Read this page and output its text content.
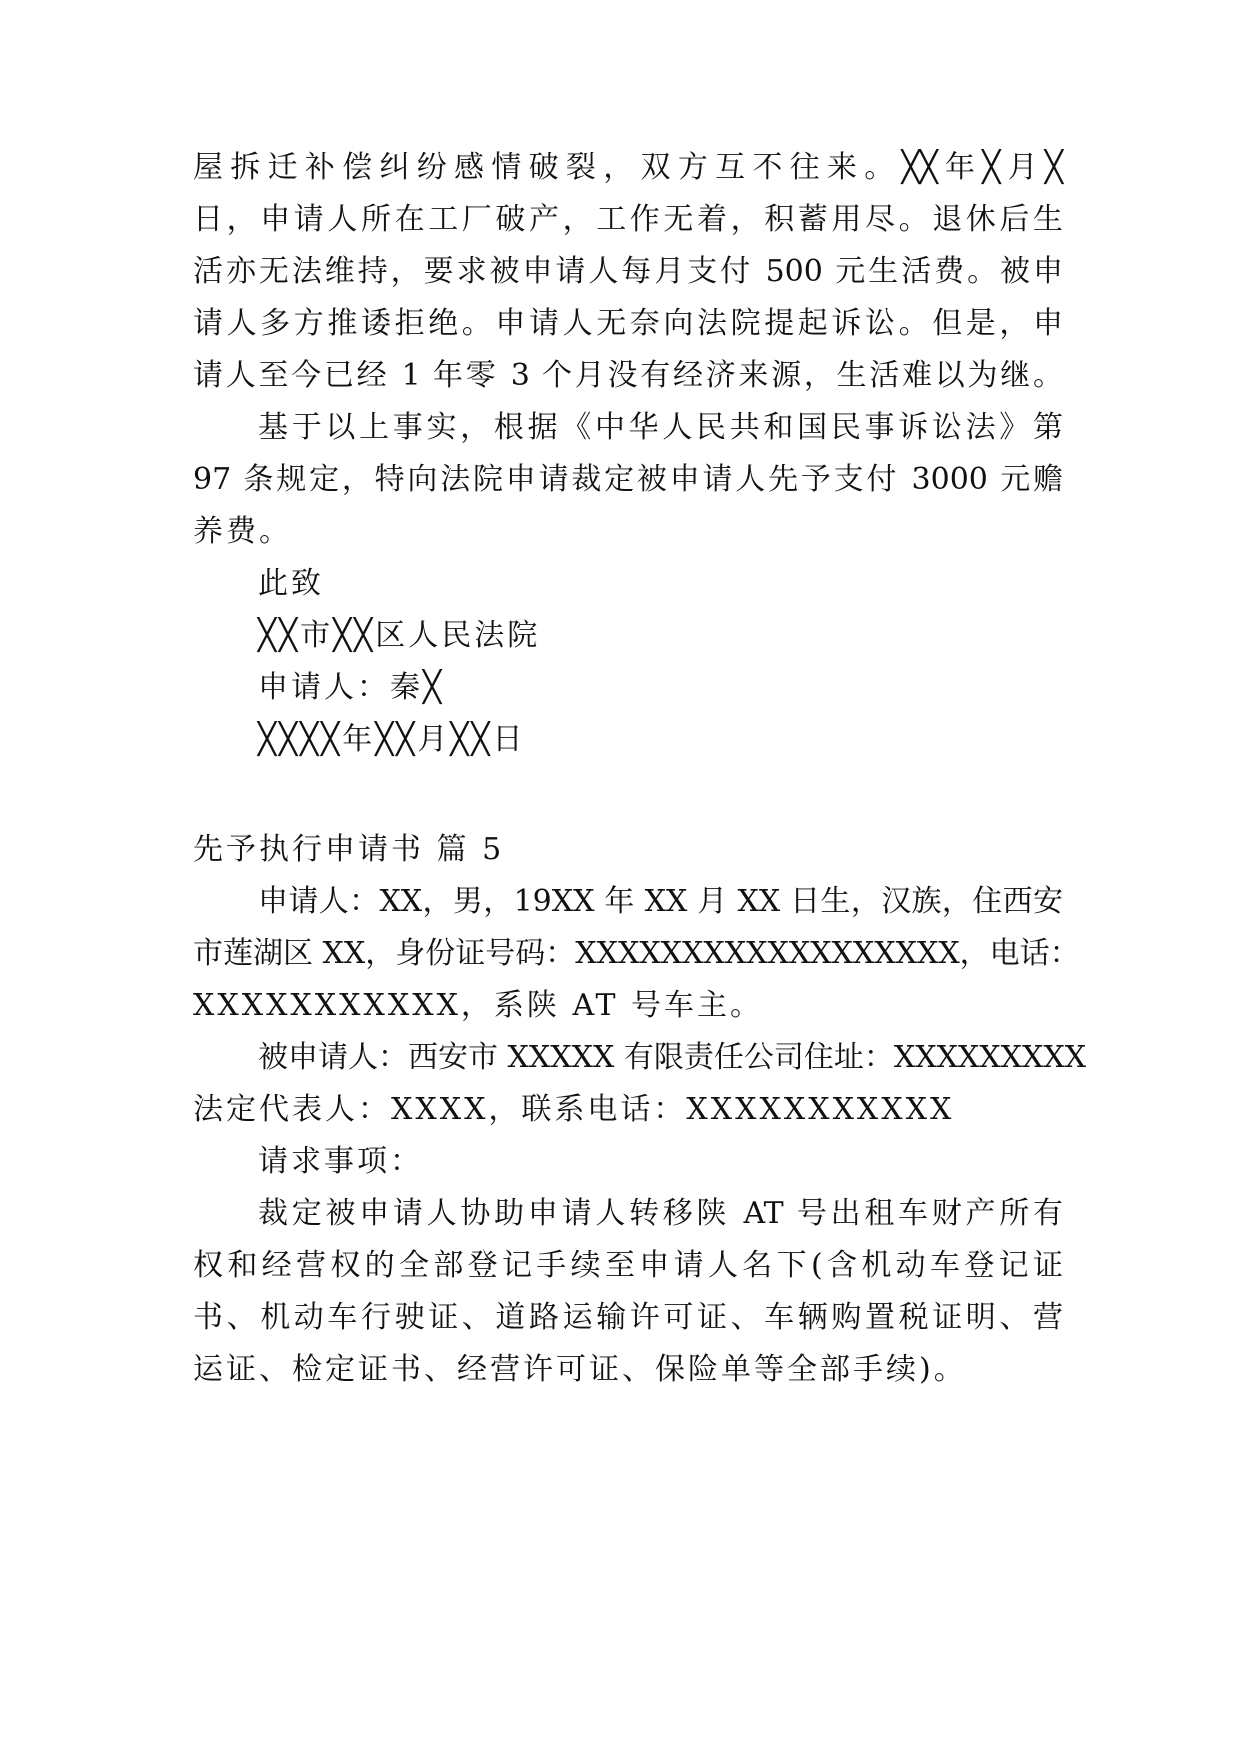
屋拆迁补偿纠纷感情破裂，双方互不往来。╳╳年╳月╳
日，申请人所在工厂破产，工作无着，积蓄用尽。退休后生
活亦无法维持，要求被申请人每月支付 500 元生活费。被申
请人多方推诿拒绝。申请人无奈向法院提起诉讼。但是，申
请人至今已经 1 年零 3 个月没有经济来源，生活难以为继。
基于以上事实，根据《中华人民共和国民事诉讼法》第
97 条规定，特向法院申请裁定被申请人先予支付 3000 元赡
养费。
此致
╳╳市╳╳区人民法院
申请人：秦╳
╳╳╳╳年╳╳月╳╳日
先予执行申请书 篇 5
申请人：XX，男，19XX 年 XX 月 XX 日生，汉族，住西安
市莲湖区 XX，身份证号码：XXXXXXXXXXXXXXXXXX，电话：
XXXXXXXXXXX，系陕 AT 号车主。
被申请人：西安市 XXXXX 有限责任公司住址：XXXXXXXXX
法定代表人：XXXX，联系电话：XXXXXXXXXXX
请求事项：
裁定被申请人协助申请人转移陕 AT 号出租车财产所有
权和经营权的全部登记手续至申请人名下(含机动车登记证
书、机动车行驶证、道路运输许可证、车辆购置税证明、营
运证、检定证书、经营许可证、保险单等全部手续)。
